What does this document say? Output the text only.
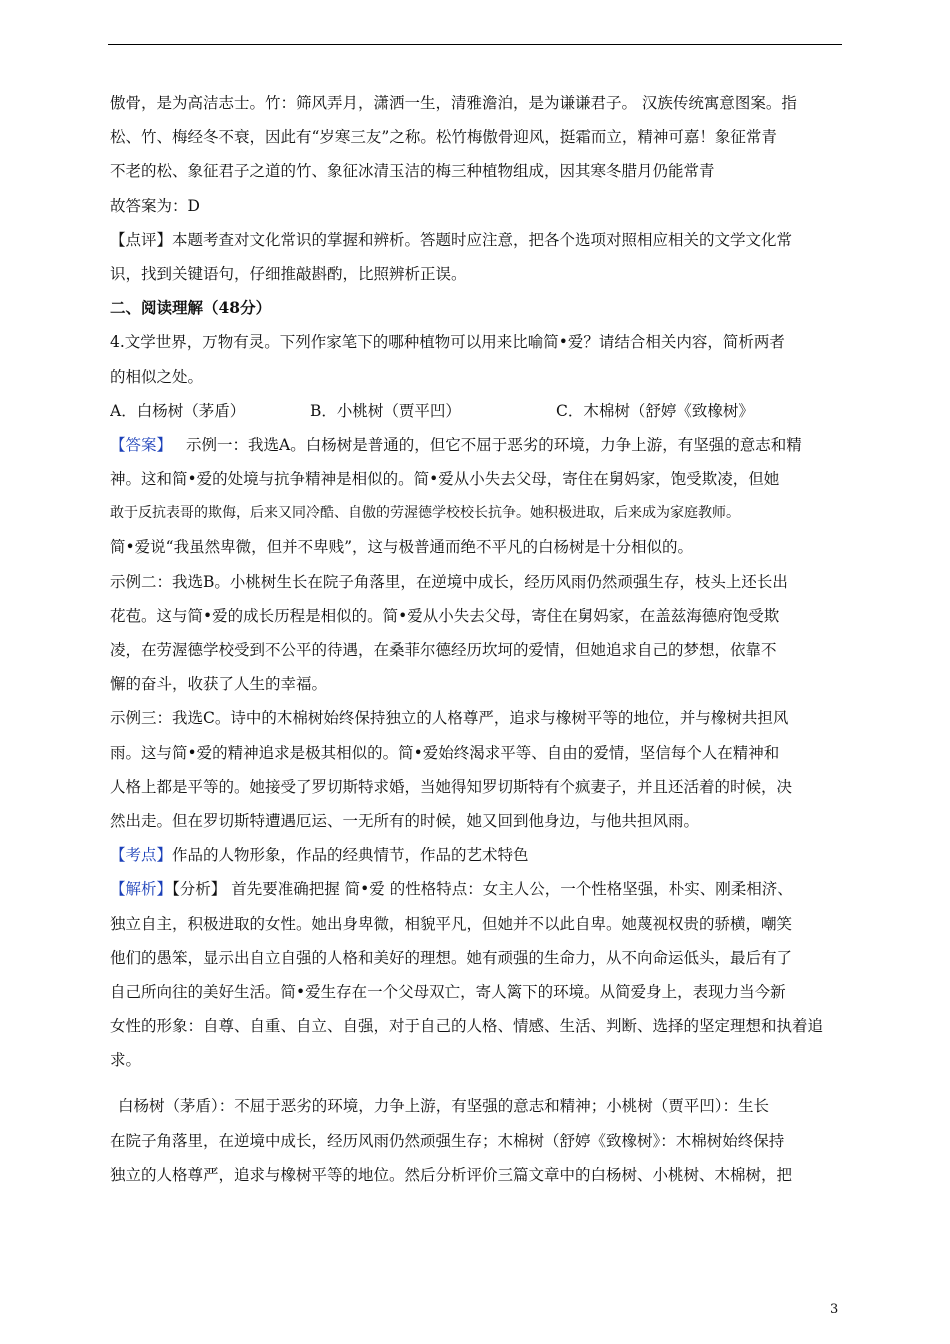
傲骨，是为高洁志士。竹：筛风弄月，潇洒一生，清雅澹泊，是为谦谦君子。 汉族传统寓意图案。指
松、竹、梅经冬不衰，因此有“岁寒三友”之称。松竹梅傲骨迎风，挺霜而立，精神可嘉！象征常青
不老的松、象征君子之道的竹、象征冰清玉洁的梅三种植物组成，因其寒冬腊月仍能常青
故答案为：D
【点评】本题考查对文化常识的掌握和辨析。答题时应注意，把各个选项对照相应相关的文学文化常
识，找到关键语句，仔细推敲斟酌，比照辨析正误。
二、阅读理解（48分）
4.文学世界，万物有灵。下列作家笔下的哪种植物可以用来比喻简•爱？请结合相关内容，简析两者
的相似之处。
A．白杨树（茅盾）	B．小桃树（贾平凹）	C．木棉树（舒婷《致橡树》
【答案】 示例一：我选A。白杨树是普通的，但它不屈于恶劣的环境，力争上游，有坚强的意志和精
神。这和简•爱的处境与抗争精神是相似的。简•爱从小失去父母，寄住在舅妈家，饱受欺凌，但她
敢于反抗表哥的欺侮，后来又同冷酷、自傲的劳渥德学校校长抗争。她积极进取，后来成为家庭教师。
简•爱说“我虽然卑微，但并不卑贱”，这与极普通而绝不平凡的白杨树是十分相似的。
示例二：我选B。小桃树生长在院子角落里，在逆境中成长，经历风雨仍然顽强生存，枝头上还长出
花苞。这与简•爱的成长历程是相似的。简•爱从小失去父母，寄住在舅妈家，在盖兹海德府饱受欺
凌，在劳渥德学校受到不公平的待遇，在桑菲尔德经历坎坷的爱情，但她追求自己的梦想，依靠不
懈的奋斗，收获了人生的幸福。
示例三：我选C。诗中的木棉树始终保持独立的人格尊严，追求与橡树平等的地位，并与橡树共担风
雨。这与简•爱的精神追求是极其相似的。简•爱始终渴求平等、自由的爱情，坚信每个人在精神和
人格上都是平等的。她接受了罗切斯特求婚，当她得知罗切斯特有个疯妻子，并且还活着的时候，决
然出走。但在罗切斯特遭遇厄运、一无所有的时候，她又回到他身边，与他共担风雨。
【考点】作品的人物形象，作品的经典情节，作品的艺术特色
【解析】【分析】 首先要准确把握 简•爱 的性格特点：女主人公，一个性格坚强，朴实、刚柔相济、
独立自主，积极进取的女性。她出身卑微，相貌平凡，但她并不以此自卑。她蔑视权贵的骄横，嘲笑
他们的愚笨，显示出自立自强的人格和美好的理想。她有顽强的生命力，从不向命运低头，最后有了
自己所向往的美好生活。简•爱生存在一个父母双亡，寄人篱下的环境。从简爱身上，表现力当今新
女性的形象：自尊、自重、自立、自强，对于自己的人格、情感、生活、判断、选择的坚定理想和执着追
求。
白杨树（茅盾）：不屈于恶劣的环境，力争上游，有坚强的意志和精神；小桃树（贾平凹）：生长
在院子角落里，在逆境中成长，经历风雨仍然顽强生存；木棉树（舒婷《致橡树》：木棉树始终保持
独立的人格尊严，追求与橡树平等的地位。然后分析评价三篇文章中的白杨树、小桃树、木棉树，把
3
